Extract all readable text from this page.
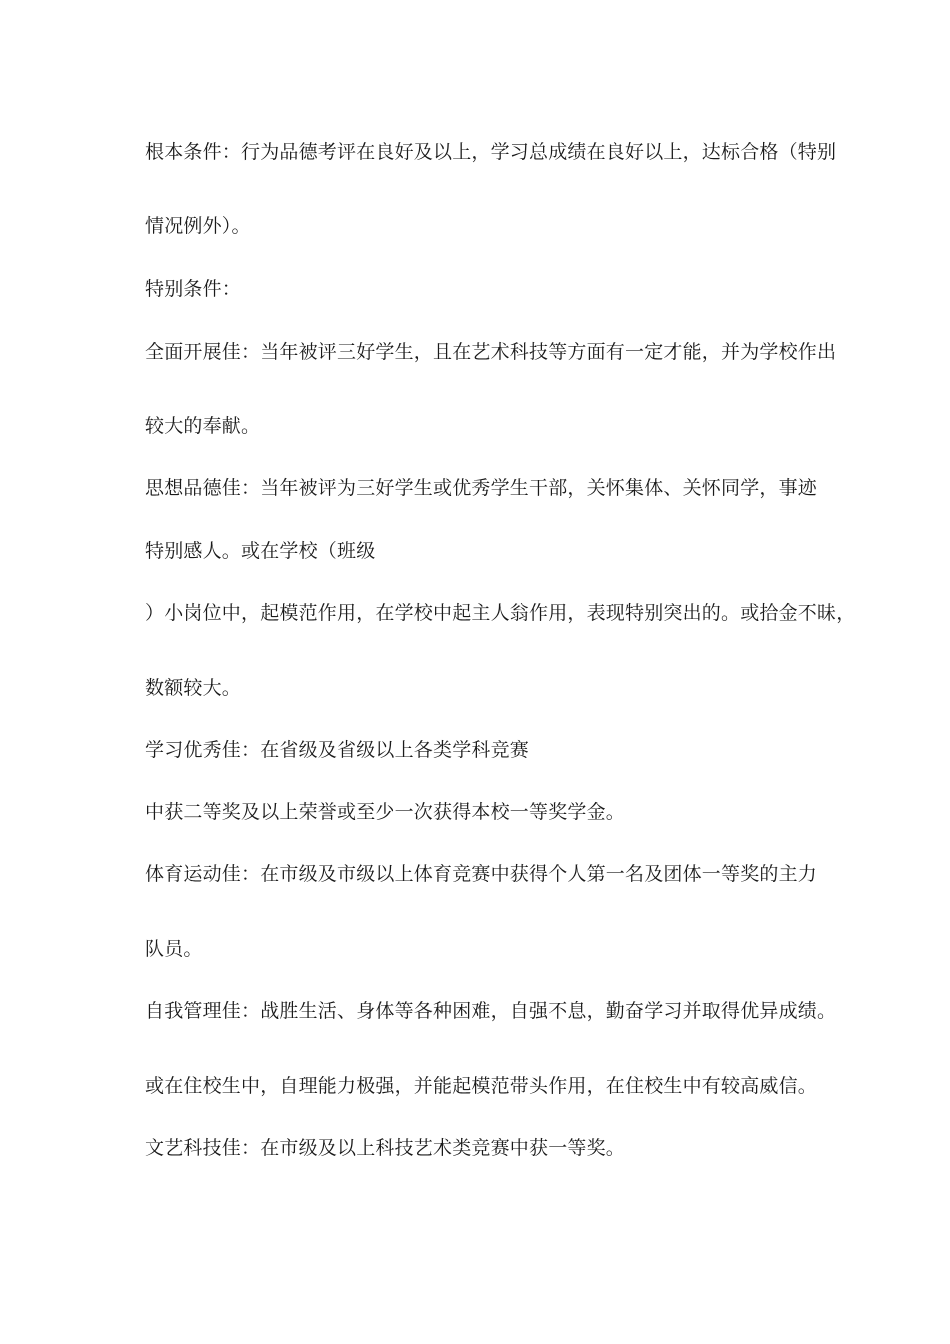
根本条件：行为品德考评在良好及以上，学习总成绩在良好以上，达标合格（特别

情况例外）。

特别条件：

全面开展佳：当年被评三好学生，且在艺术科技等方面有一定才能，并为学校作出

较大的奉献。

思想品德佳：当年被评为三好学生或优秀学生干部，关怀集体、关怀同学，事迹

特别感人。或在学校（班级

）小岗位中，起模范作用，在学校中起主人翁作用，表现特别突出的。或拾金不昧，

数额较大。

学习优秀佳：在省级及省级以上各类学科竞赛

中获二等奖及以上荣誉或至少一次获得本校一等奖学金。

体育运动佳：在市级及市级以上体育竞赛中获得个人第一名及团体一等奖的主力

队员。

自我管理佳：战胜生活、身体等各种困难，自强不息，勤奋学习并取得优异成绩。

或在住校生中，自理能力极强，并能起模范带头作用，在住校生中有较高威信。

文艺科技佳：在市级及以上科技艺术类竞赛中获一等奖。
